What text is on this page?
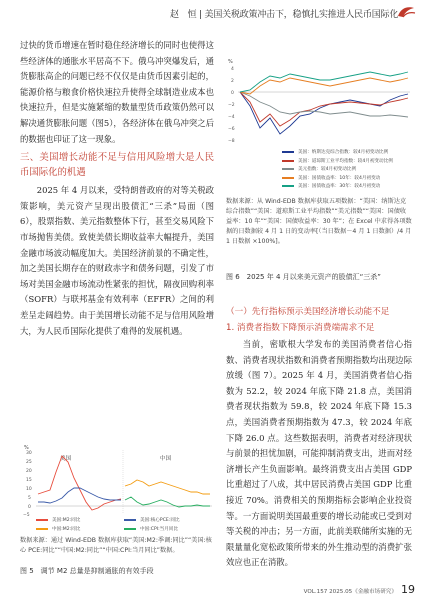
赵　恒 | 美国关税政策冲击下，稳慎扎实推进人民币国际化

过快的货币增速在暂时稳住经济增长的同时也使得这些经济体的通胀水平居高不下。俄乌冲突爆发后，通货膨胀高企的问题已经不仅仅是由货币因素引起的，能源价格与粮食价格快速拉升使得全球制造业成本也快速拉升，但是实施紧缩的数量型货币政策仍然可以解决通货膨胀问题（图5），各经济体在俄乌冲突之后的数据也印证了这一现象。

三、美国增长动能不足与信用风险增大是人民币国际化的机遇

2025 年 4 月以来，受特朗普政府的对等关税政策影响，美元资产呈现出股债汇“三杀”局面（图 6），股票指数、美元指数整体下行，甚至交易风险下市场抛售美债。致使美债长期收益率大幅提升，美国金融市场波动幅度加大。美国经济前景的不确定性，加之美国长期存在的财政赤字和债务问题，引发了市场对美国金融市场流动性紧张的担忧，隔夜回购利率（SOFR）与联邦基金有效利率（EFFR）之间的利差呈走阔趋势。由于美国增长动能不足与信用风险增大，为人民币国际化提供了难得的发展机遇。

%
30
25
20
15
10
5
0
−5
美国	中国
美国:M2:同比	美国:核心PCE:同比
中国:M2:同比	中国:CPI:当月同比
数据来源：通过 Wind-EDB 数据库获取“美国:M2:季调:同比”“美国:核心 PCE:同比”“中国:M2:同比”“中国:CPI:当月同比”数据。
图 5　调节 M2 总量是抑制通胀的有效手段
%
4
2
0
−2
−4
−6
−8
美国：纳斯达克综合指数：较4月初变动比例
美国：道琼斯工业平均指数：较4月初变动比例
美元指数：较4月初变动比例
美国：国债收益率：10年：较4月初变动
美国：国债收益率：30年：较4月初变动
数据来源：从 Wind-EDB 数据库获取五项数据：“美国：纳斯达克综合指数”“美国：道琼斯工业平均指数”“美元指数”“美国：国债收益率：10 年”“美国：国债收益率：30 年”；在 Excel 中求得各项数据的日数据较 4 月 1 日的变动率[（当日数据－4 月 1 日数据）/4 月 1 日数据 ×100%]。
图 6　2025 年 4 月以来美元资产的股债汇“三杀”
（一）先行指标预示美国经济增长动能不足
1. 消费者指数下降预示消费端需求不足

当前，密歇根大学发布的美国消费者信心指数、消费者现状指数和消费者预期指数均出现边际放缓（图 7）。2025 年 4 月，美国消费者信心指数为 52.2，较 2024 年底下降 21.8 点，美国消费者现状指数为 59.8，较 2024 年底下降 15.3 点，美国消费者预期指数为 47.3，较 2024 年底下降 26.0 点。这些数据表明，消费者对经济现状与前景的担忧加剧，可能抑制消费支出，进而对经济增长产生负面影响。最终消费支出占美国 GDP 比重超过了八成，其中居民消费占美国 GDP 比重接近 70%。消费相关的预期指标会影响企业投资等。一方面说明美国最重要的增长动能或已受到对等关税的冲击；另一方面，此前美联储所实施的无限量量化宽松政策所带来的外生推动型的消费扩张效应也正在消散。

VOL.157 2025.05《金融市场研究》 19
